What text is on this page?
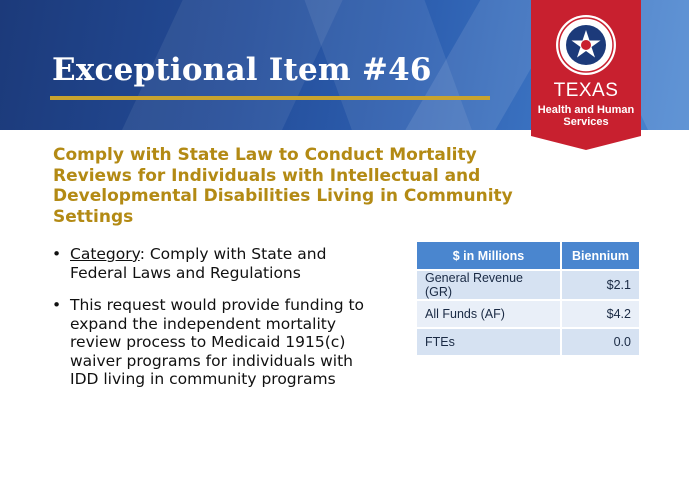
Exceptional Item #46
TEXAS
Health and Human
Services
Comply with State Law to Conduct Mortality Reviews for Individuals with Intellectual and Developmental Disabilities Living in Community Settings
• Category: Comply with State and Federal Laws and Regulations
• This request would provide funding to expand the independent mortality review process to Medicaid 1915(c) waiver programs for individuals with IDD living in community programs
$ in Millions	Biennium
General Revenue (GR)	$2.1
All Funds (AF)	$4.2
FTEs	0.0
